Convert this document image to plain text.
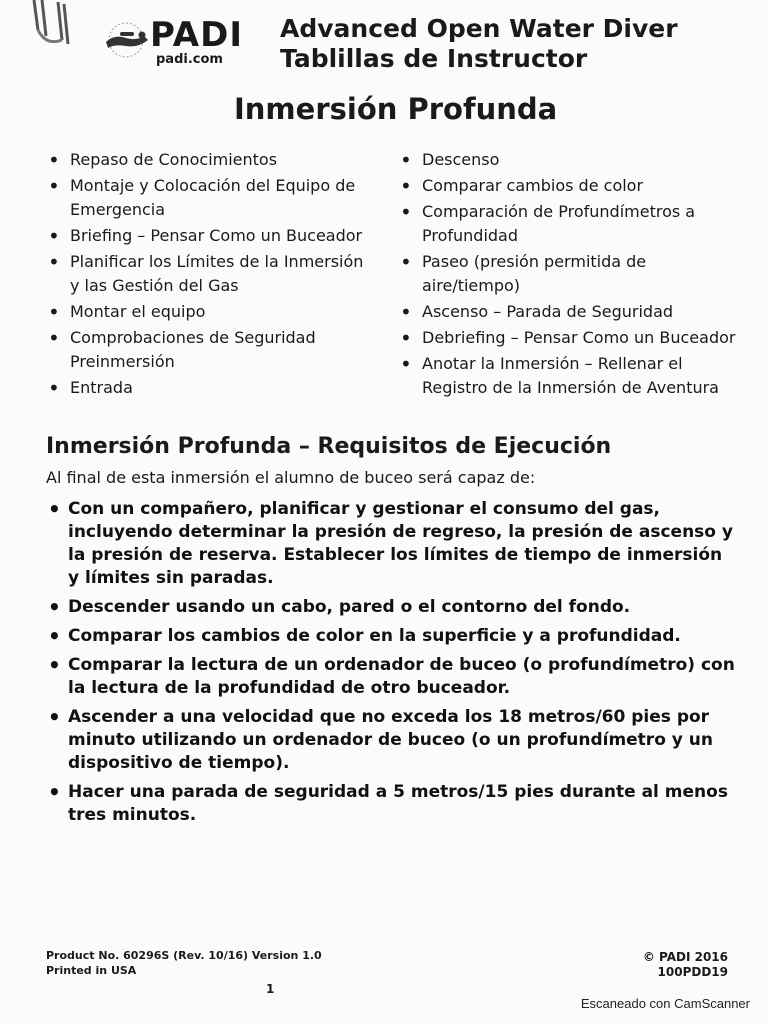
PADI
padi.com
Advanced Open Water Diver
Tablillas de Instructor
Inmersión Profunda
• Repaso de Conocimientos
• Montaje y Colocación del Equipo de Emergencia
• Briefing – Pensar Como un Buceador
• Planificar los Límites de la Inmersión y las Gestión del Gas
• Montar el equipo
• Comprobaciones de Seguridad Preinmersión
• Entrada
• Descenso
• Comparar cambios de color
• Comparación de Profundímetros a Profundidad
• Paseo (presión permitida de aire/tiempo)
• Ascenso – Parada de Seguridad
• Debriefing – Pensar Como un Buceador
• Anotar la Inmersión – Rellenar el Registro de la Inmersión de Aventura
Inmersión Profunda – Requisitos de Ejecución
Al final de esta inmersión el alumno de buceo será capaz de:
• Con un compañero, planificar y gestionar el consumo del gas, incluyendo determinar la presión de regreso, la presión de ascenso y la presión de reserva. Establecer los límites de tiempo de inmersión y límites sin paradas.
• Descender usando un cabo, pared o el contorno del fondo.
• Comparar los cambios de color en la superficie y a profundidad.
• Comparar la lectura de un ordenador de buceo (o profundímetro) con la lectura de la profundidad de otro buceador.
• Ascender a una velocidad que no exceda los 18 metros/60 pies por minuto utilizando un ordenador de buceo (o un profundímetro y un dispositivo de tiempo).
• Hacer una parada de seguridad a 5 metros/15 pies durante al menos tres minutos.
Product No. 60296S (Rev. 10/16) Version 1.0
Printed in USA
© PADI 2016
100PDD19
1
Escaneado con CamScanner
